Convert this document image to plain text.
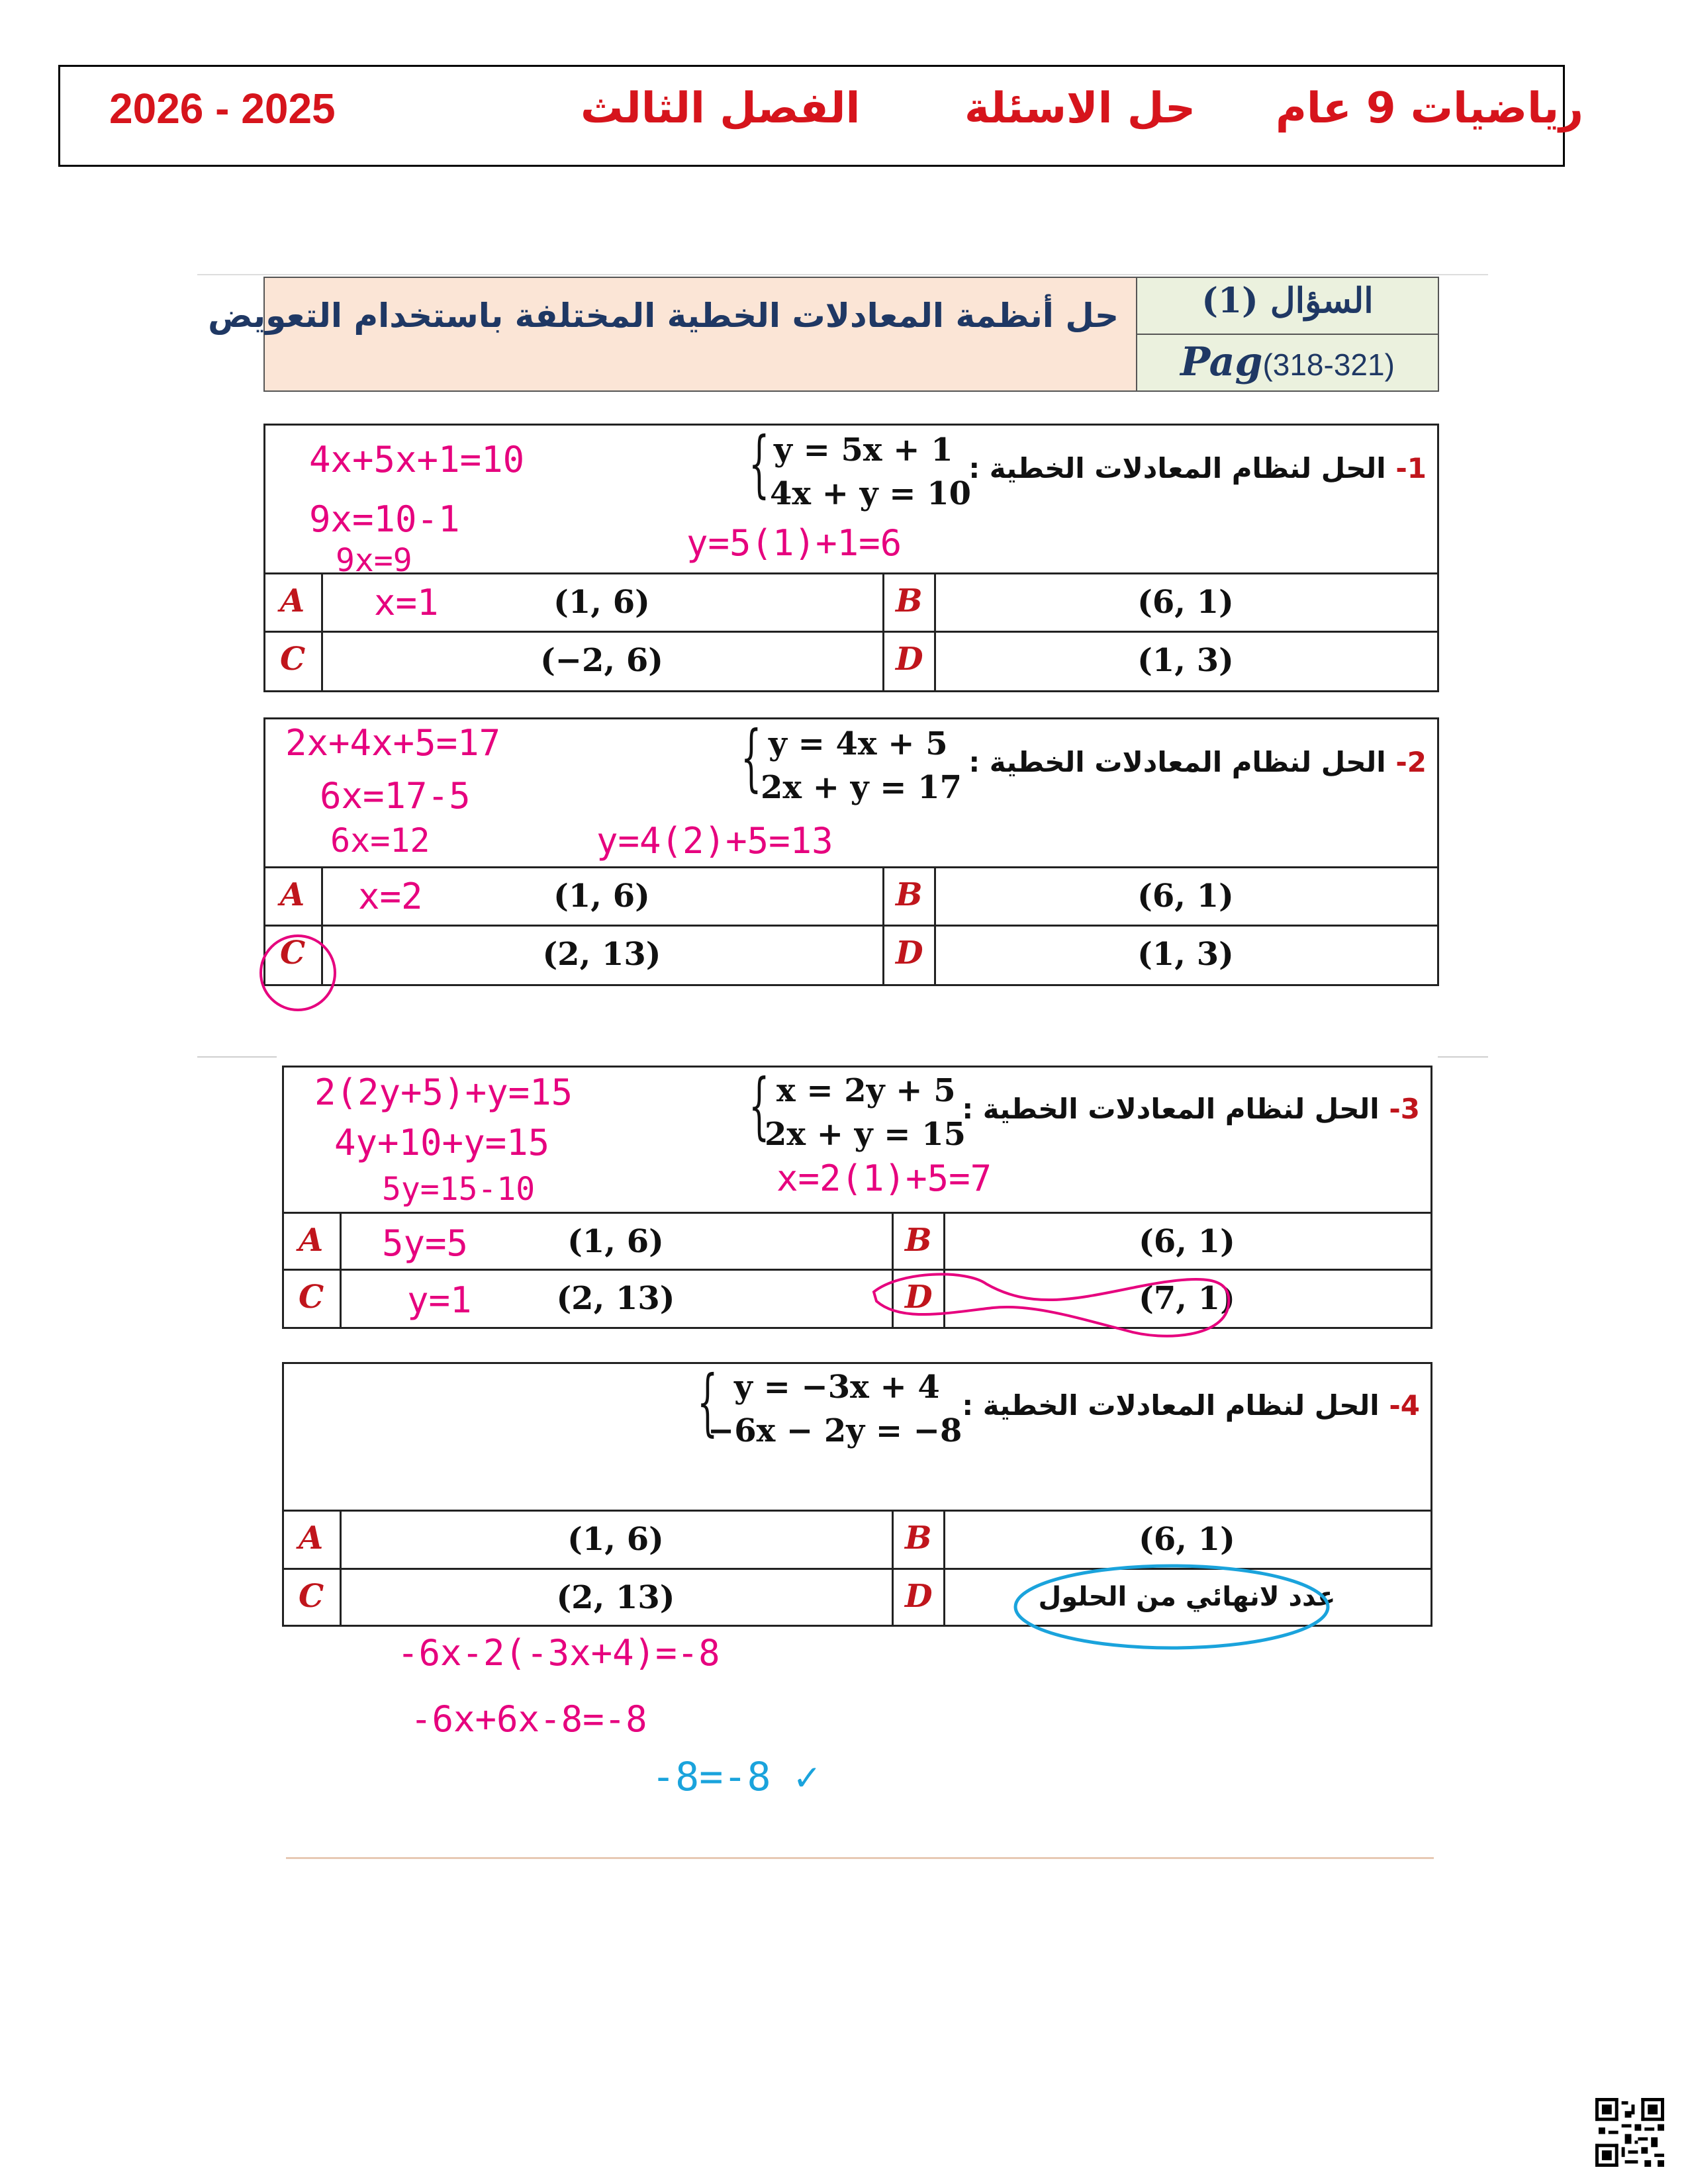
2026 - 2025	الفصل الثالث حل الاسئلة رياضيات 9 عام
السؤال (1)
Pag(318-321)
حل أنظمة المعادلات الخطية المختلفة باستخدام التعويض
1- الحل لنظام المعادلات الخطية :
{ y = 5x + 1
4x + y = 10
A	(1, 6)	B	(6, 1)
C	(−2, 6)	D	(1, 3)
4x+5x+1=10
9x=10-1
9x=9
x=1
y=5(1)+1=6
2- الحل لنظام المعادلات الخطية :
{ y = 4x + 5
2x + y = 17
A	(1, 6)	B	(6, 1)
C	(2, 13)	D	(1, 3)
2x+4x+5=17
6x=17-5
6x=12
x=2
y=4(2)+5=13
3- الحل لنظام المعادلات الخطية :
{ x = 2y + 5
2x + y = 15
A	(1, 6)	B	(6, 1)
C	(2, 13)	D	(7, 1)
2(2y+5)+y=15
4y+10+y=15
5y=15-10
5y=5
y=1
x=2(1)+5=7
4- الحل لنظام المعادلات الخطية :
{ y = −3x + 4
−6x − 2y = −8
A	(1, 6)	B	(6, 1)
C	(2, 13)	D	عدد لانهائي من الحلول
-6x-2(-3x+4)=-8
-6x+6x-8=-8
-8=-8 ✓
